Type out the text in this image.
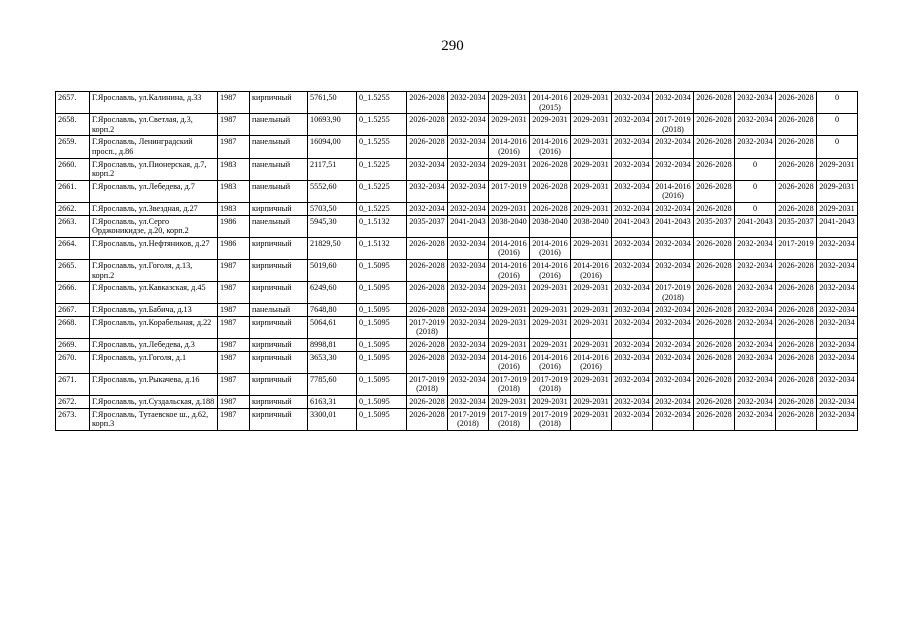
290
2657.	Г.Ярославль, ул.Калинина, д.33	1987	кирпичный	5761,50	0_1.5255	2026-2028	2032-2034	2029-2031	2014-2016 (2015)	2029-2031	2032-2034	2032-2034	2026-2028	2032-2034	2026-2028	0
2658.	Г.Ярославль, ул.Светлая, д.3, корп.2	1987	панельный	10693,90	0_1.5255	2026-2028	2032-2034	2029-2031	2029-2031	2029-2031	2032-2034	2017-2019 (2018)	2026-2028	2032-2034	2026-2028	0
2659.	Г.Ярославль, Ленинградский просп., д.86	1987	панельный	16094,00	0_1.5255	2026-2028	2032-2034	2014-2016 (2016)	2014-2016 (2016)	2029-2031	2032-2034	2032-2034	2026-2028	2032-2034	2026-2028	0
2660.	Г.Ярославль, ул.Пионерская, д.7, корп.2	1983	панельный	2117,51	0_1.5225	2032-2034	2032-2034	2029-2031	2026-2028	2029-2031	2032-2034	2032-2034	2026-2028	0	2026-2028	2029-2031
2661.	Г.Ярославль, ул.Лебедева, д.7	1983	панельный	5552,60	0_1.5225	2032-2034	2032-2034	2017-2019	2026-2028	2029-2031	2032-2034	2014-2016 (2016)	2026-2028	0	2026-2028	2029-2031
2662.	Г.Ярославль, ул.Звездная, д.27	1983	кирпичный	5703,50	0_1.5225	2032-2034	2032-2034	2029-2031	2026-2028	2029-2031	2032-2034	2032-2034	2026-2028	0	2026-2028	2029-2031
2663.	Г.Ярославль, ул.Серго Орджоникидзе, д.20, корп.2	1986	панельный	5945,30	0_1.5132	2035-2037	2041-2043	2038-2040	2038-2040	2038-2040	2041-2043	2041-2043	2035-2037	2041-2043	2035-2037	2041-2043
2664.	Г.Ярославль, ул.Нефтяников, д.27	1986	кирпичный	21829,50	0_1.5132	2026-2028	2032-2034	2014-2016 (2016)	2014-2016 (2016)	2029-2031	2032-2034	2032-2034	2026-2028	2032-2034	2017-2019	2032-2034
2665.	Г.Ярославль, ул.Гоголя, д.13, корп.2	1987	кирпичный	5019,60	0_1.5095	2026-2028	2032-2034	2014-2016 (2016)	2014-2016 (2016)	2014-2016 (2016)	2032-2034	2032-2034	2026-2028	2032-2034	2026-2028	2032-2034
2666.	Г.Ярославль, ул.Кавказская, д.45	1987	кирпичный	6249,60	0_1.5095	2026-2028	2032-2034	2029-2031	2029-2031	2029-2031	2032-2034	2017-2019 (2018)	2026-2028	2032-2034	2026-2028	2032-2034
2667.	Г.Ярославль, ул.Бабича, д.13	1987	панельный	7648,80	0_1.5095	2026-2028	2032-2034	2029-2031	2029-2031	2029-2031	2032-2034	2032-2034	2026-2028	2032-2034	2026-2028	2032-2034
2668.	Г.Ярославль, ул.Корабельная, д.22	1987	кирпичный	5064,61	0_1.5095	2017-2019 (2018)	2032-2034	2029-2031	2029-2031	2029-2031	2032-2034	2032-2034	2026-2028	2032-2034	2026-2028	2032-2034
2669.	Г.Ярославль, ул.Лебедева, д.3	1987	кирпичный	8998,81	0_1.5095	2026-2028	2032-2034	2029-2031	2029-2031	2029-2031	2032-2034	2032-2034	2026-2028	2032-2034	2026-2028	2032-2034
2670.	Г.Ярославль, ул.Гоголя, д.1	1987	кирпичный	3653,30	0_1.5095	2026-2028	2032-2034	2014-2016 (2016)	2014-2016 (2016)	2014-2016 (2016)	2032-2034	2032-2034	2026-2028	2032-2034	2026-2028	2032-2034
2671.	Г.Ярославль, ул.Рыкачева, д.16	1987	кирпичный	7785,60	0_1.5095	2017-2019 (2018)	2032-2034	2017-2019 (2018)	2017-2019 (2018)	2029-2031	2032-2034	2032-2034	2026-2028	2032-2034	2026-2028	2032-2034
2672.	Г.Ярославль, ул.Суздальская, д.188	1987	кирпичный	6163,31	0_1.5095	2026-2028	2032-2034	2029-2031	2029-2031	2029-2031	2032-2034	2032-2034	2026-2028	2032-2034	2026-2028	2032-2034
2673.	Г.Ярославль, Тутаевское ш., д.62, корп.3	1987	кирпичный	3300,01	0_1.5095	2026-2028	2017-2019 (2018)	2017-2019 (2018)	2017-2019 (2018)	2029-2031	2032-2034	2032-2034	2026-2028	2032-2034	2026-2028	2032-2034
